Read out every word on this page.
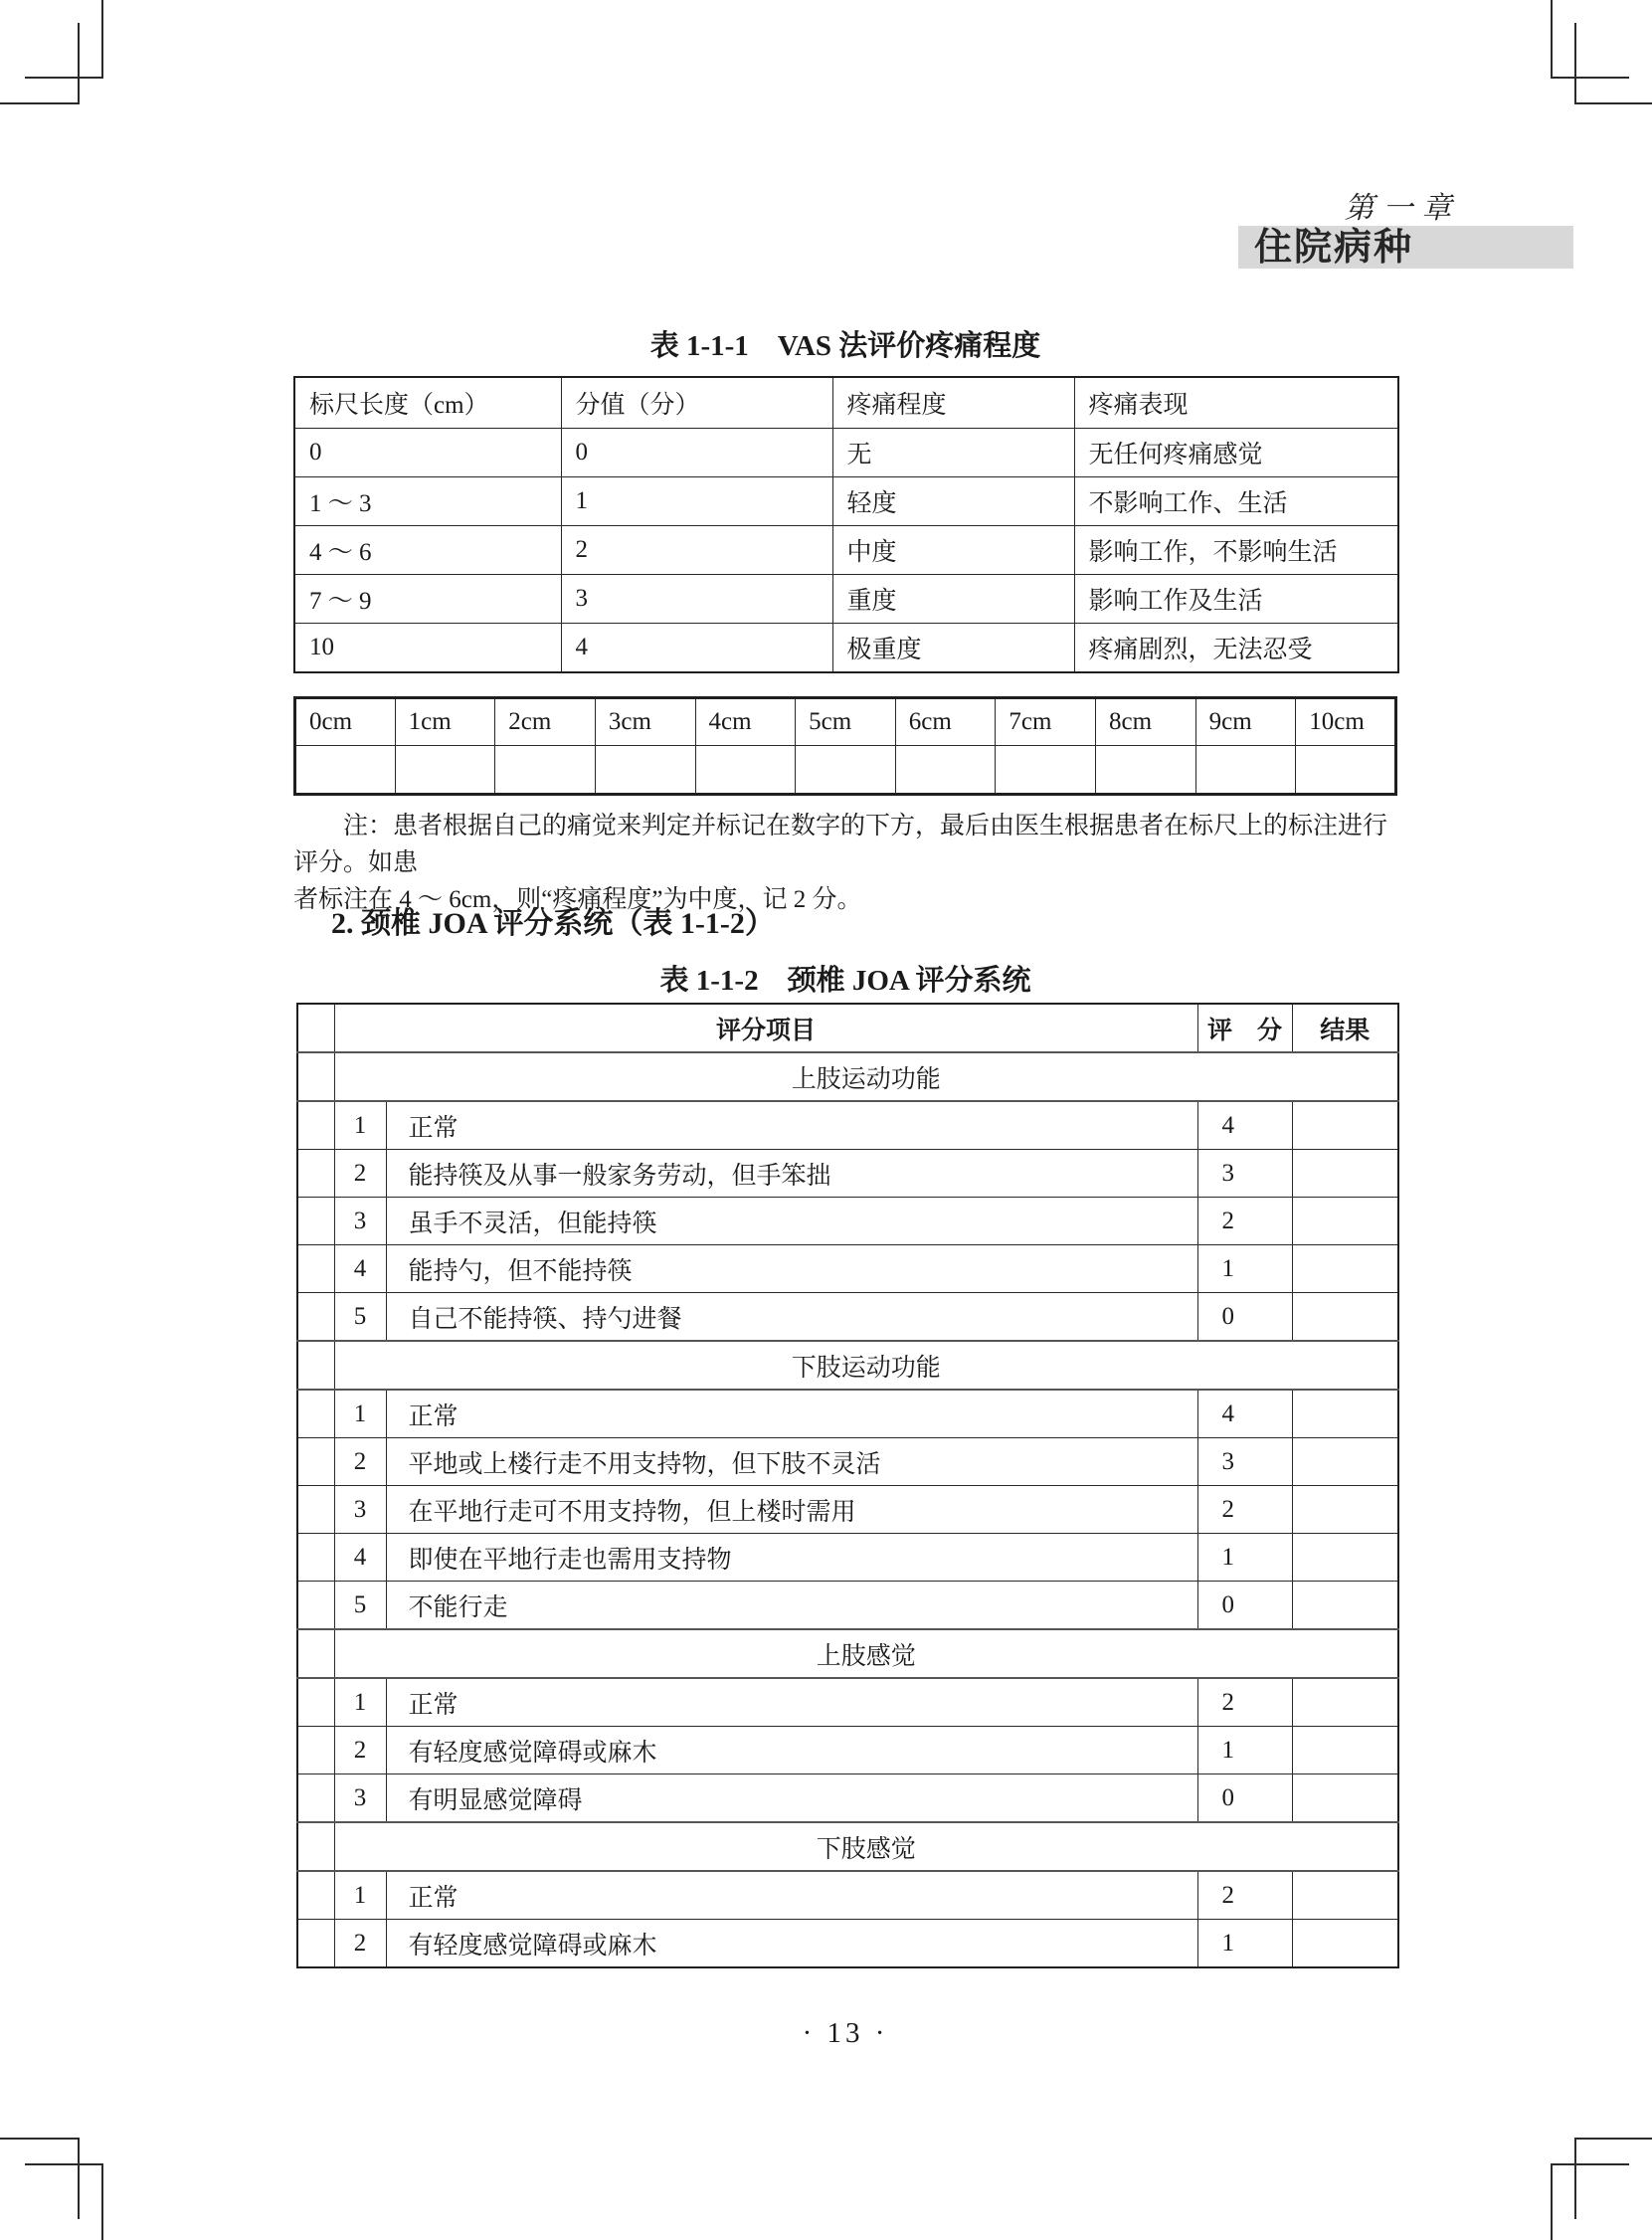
第一章
住院病种
表 1-1-1　VAS 法评价疼痛程度
标尺长度（cm）	分值（分）	疼痛程度	疼痛表现
0	0	无	无任何疼痛感觉
1 ～ 3	1	轻度	不影响工作、生活
4 ～ 6	2	中度	影响工作，不影响生活
7 ～ 9	3	重度	影响工作及生活
10	4	极重度	疼痛剧烈，无法忍受
0cm	1cm	2cm	3cm	4cm	5cm	6cm	7cm	8cm	9cm	10cm

注：患者根据自己的痛觉来判定并标记在数字的下方，最后由医生根据患者在标尺上的标注进行评分。如患
者标注在 4 ～ 6cm，则“疼痛程度”为中度，记 2 分。
2. 颈椎 JOA 评分系统（表 1-1-2）
表 1-1-2　颈椎 JOA 评分系统
	评分项目		评　分	结果
	上肢运动功能			
	1	正常	4	
	2	能持筷及从事一般家务劳动，但手笨拙	3	
	3	虽手不灵活，但能持筷	2	
	4	能持勺，但不能持筷	1	
	5	自己不能持筷、持勺进餐	0	
	下肢运动功能			
	1	正常	4	
	2	平地或上楼行走不用支持物，但下肢不灵活	3	
	3	在平地行走可不用支持物，但上楼时需用	2	
	4	即使在平地行走也需用支持物	1	
	5	不能行走	0	
	上肢感觉			
	1	正常	2	
	2	有轻度感觉障碍或麻木	1	
	3	有明显感觉障碍	0	
	下肢感觉			
	1	正常	2	
	2	有轻度感觉障碍或麻木	1	
· 13 ·
